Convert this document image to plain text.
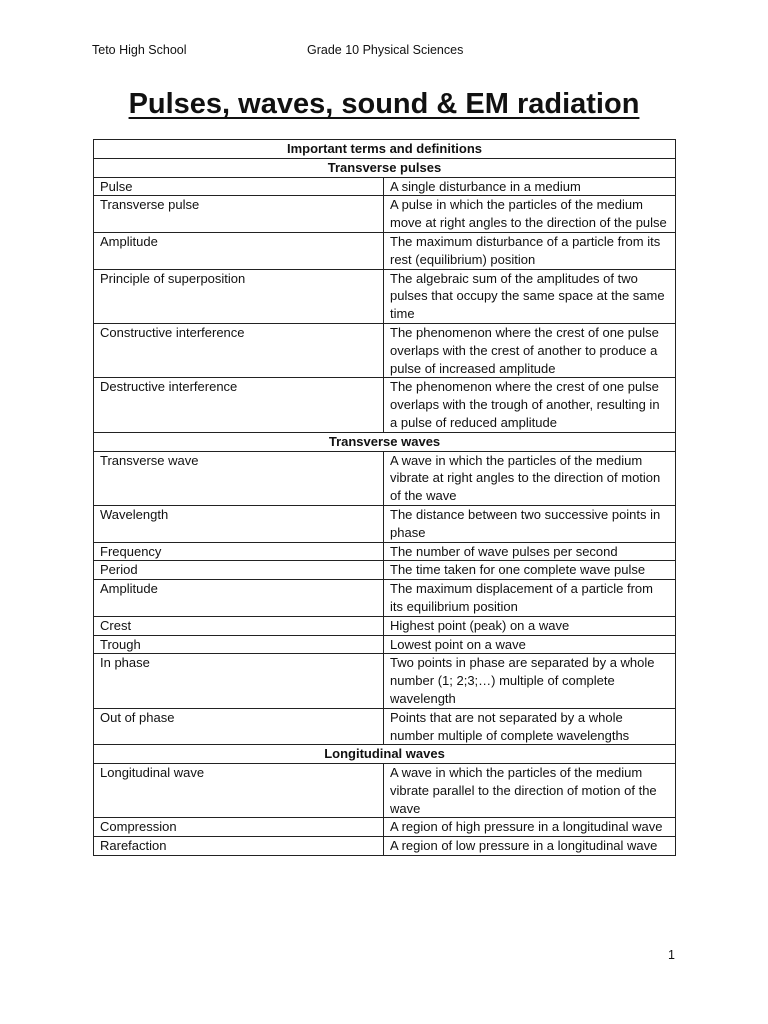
Teto High School	Grade 10 Physical Sciences
Pulses, waves, sound & EM radiation
Important terms and definitions	
Transverse pulses	
Pulse	A single disturbance in a medium
Transverse pulse	A pulse in which the particles of the medium move at right angles to the direction of the pulse
Amplitude	The maximum disturbance of a particle from its rest (equilibrium) position
Principle of superposition	The algebraic sum of the amplitudes of two pulses that occupy the same space at the same time
Constructive interference	The phenomenon where the crest of one pulse overlaps with the crest of another to produce a pulse of increased amplitude
Destructive interference	The phenomenon where the crest of one pulse overlaps with the trough of another, resulting in a pulse of reduced amplitude
Transverse waves	
Transverse wave	A wave in which the particles of the medium vibrate at right angles to the direction of motion of the wave
Wavelength	The distance between two successive points in phase
Frequency	The number of wave pulses per second
Period	The time taken for one complete wave pulse
Amplitude	The maximum displacement of a particle from its equilibrium position
Crest	Highest point (peak) on a wave
Trough	Lowest point on a wave
In phase	Two points in phase are separated by a whole number (1; 2;3;…) multiple of complete wavelength
Out of phase	Points that are not separated by a whole number multiple of complete wavelengths
Longitudinal waves	
Longitudinal wave	A wave in which the particles of the medium vibrate parallel to the direction of motion of the wave
Compression	A region of high pressure in a longitudinal wave
Rarefaction	A region of low pressure in a longitudinal wave
1
